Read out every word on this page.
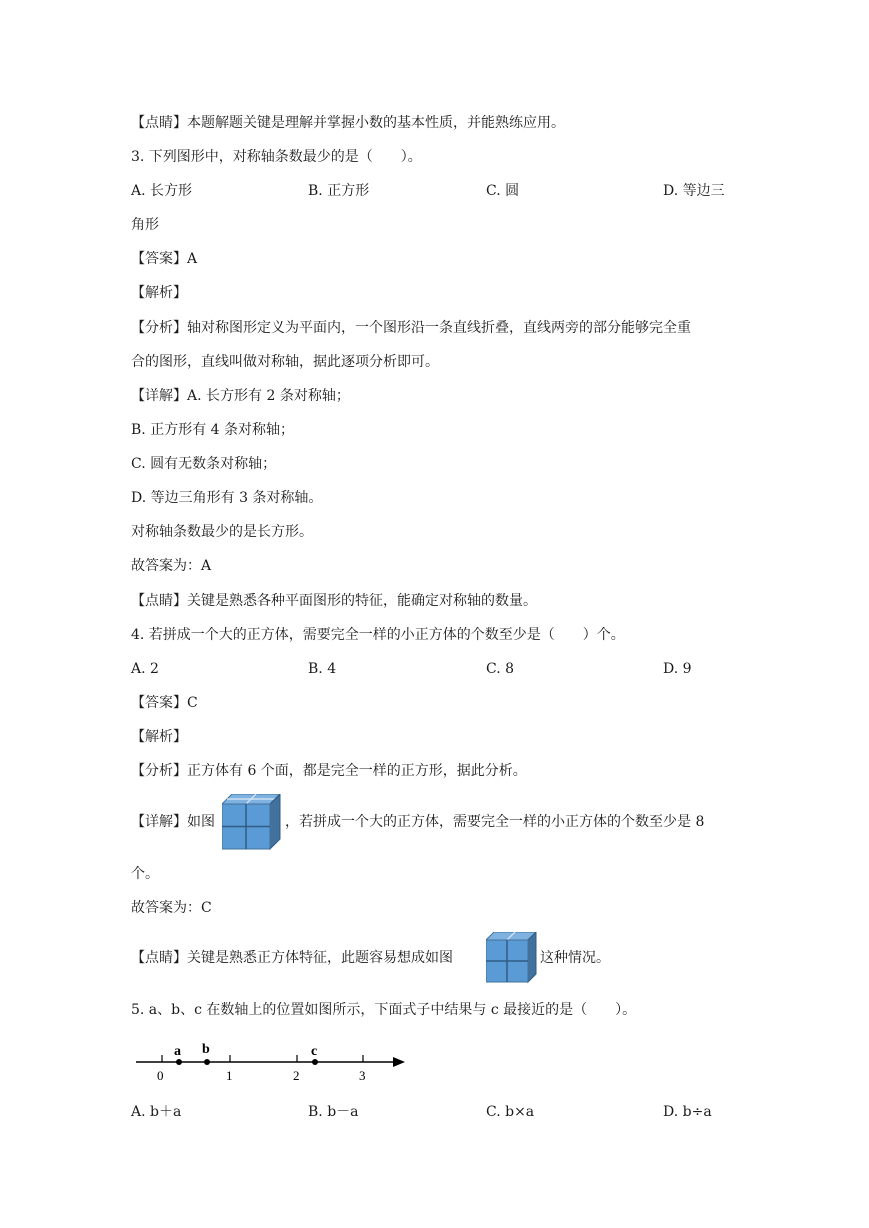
【点睛】本题解题关键是理解并掌握小数的基本性质，并能熟练应用。
3. 下列图形中，对称轴条数最少的是（　　）。
A. 长方形	B. 正方形	C. 圆	D. 等边三
角形
【答案】A
【解析】
【分析】轴对称图形定义为平面内，一个图形沿一条直线折叠，直线两旁的部分能够完全重
合的图形，直线叫做对称轴，据此逐项分析即可。
【详解】A. 长方形有 2 条对称轴；
B. 正方形有 4 条对称轴；
C. 圆有无数条对称轴；
D. 等边三角形有 3 条对称轴。
对称轴条数最少的是长方形。
故答案为：A
【点睛】关键是熟悉各种平面图形的特征，能确定对称轴的数量。
4. 若拼成一个大的正方体，需要完全一样的小正方体的个数至少是（　　）个。
A. 2	B. 4	C. 8	D. 9
【答案】C
【解析】
【分析】正方体有 6 个面，都是完全一样的正方形，据此分析。
【详解】如图	，若拼成一个大的正方体，需要完全一样的小正方体的个数至少是 8
个。
故答案为：C
【点睛】关键是熟悉正方体特征，此题容易想成如图	这种情况。
5. a、b、c 在数轴上的位置如图所示，下面式子中结果与 c 最接近的是（　　）。
0	1	2	3
a b	c
A. b＋a	B. b－a	C. b×a	D. b÷a
